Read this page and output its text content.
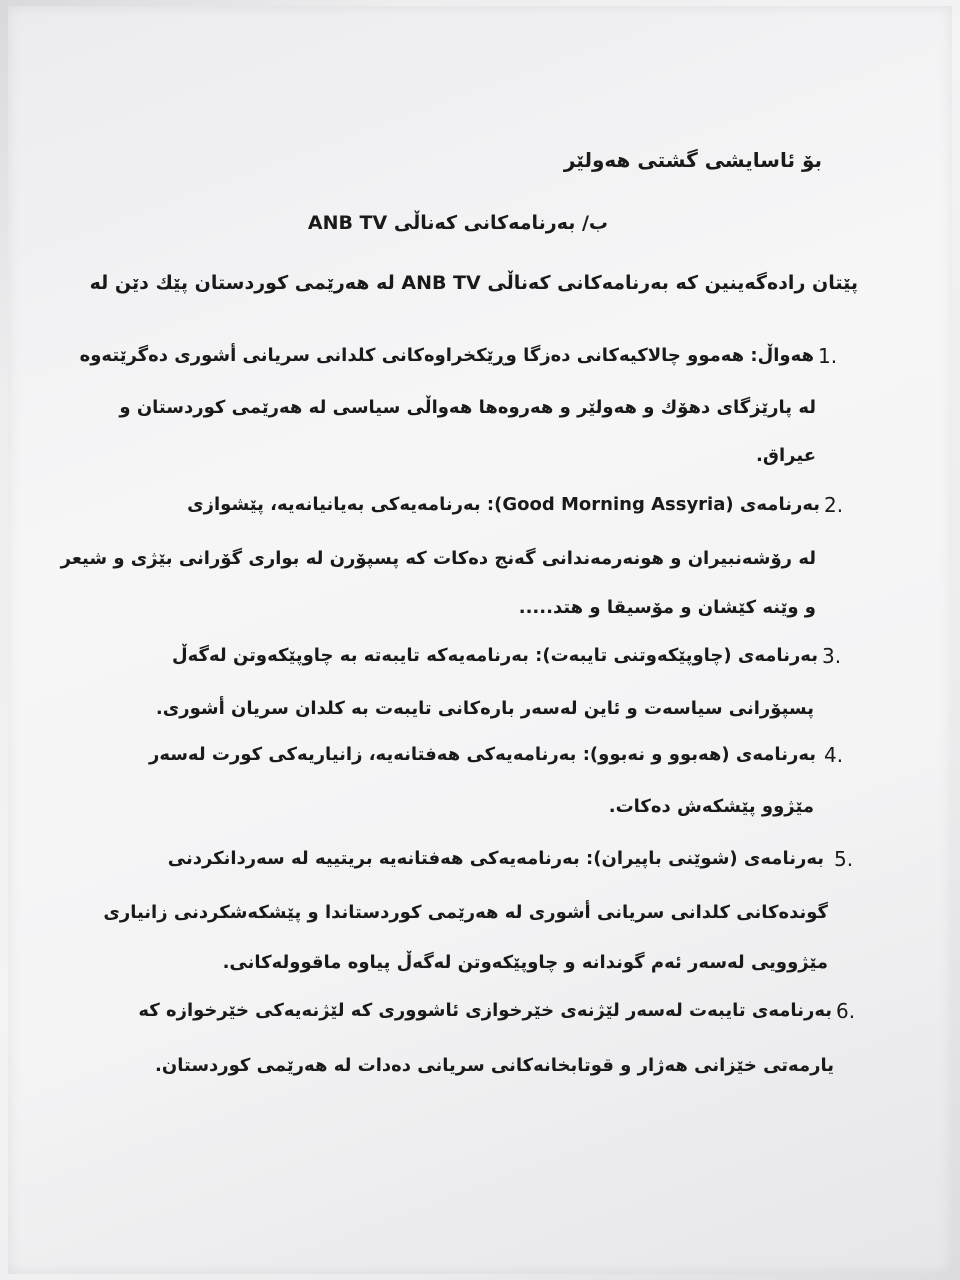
بۆ ئاسایشی گشتی هەولێر
ب/ بەرنامەکانی کەناڵی ANB TV
پێتان رادەگەینین کە بەرنامەکانی کەناڵی ANB TV لە هەرێمی کوردستان پێك دێن لە
1.
هەواڵ: هەموو چالاکیەکانی دەزگا وڕێکخراوەکانی کلدانی سریانی أشوری دەگرێتەوە
لە پارێزگای دهۆك و هەولێر و هەروەها هەواڵی سیاسی لە هەرێمی کوردستان و
عیراق.
2.
بەرنامەی (Good Morning Assyria): بەرنامەیەکی بەیانیانەیە، پێشوازی
لە رۆشەنبیران و هونەرمەندانی گەنج دەکات کە پسپۆرن لە بواری گۆرانی بێژی و شیعر
و وێنە کێشان و مۆسیقا و هتد.....
3.
بەرنامەی (چاوپێکەوتنی تایبەت): بەرنامەیەکە تایبەتە بە چاوپێکەوتن لەگەڵ
پسپۆرانی سیاسەت و ئاین لەسەر بارەکانی تایبەت بە کلدان سریان أشوری.
4.
بەرنامەی (هەبوو و نەبوو): بەرنامەیەکی هەفتانەیە، زانیاریەکی کورت لەسەر
مێژوو پێشکەش دەکات.
5.
بەرنامەی (شوێنی باپیران): بەرنامەیەکی هەفتانەیە بریتییە لە سەردانکردنی
گوندەکانی کلدانی سریانی أشوری لە هەرێمی کوردستاندا و پێشکەشکردنی زانیاری
مێژوویی لەسەر ئەم گوندانە و چاوپێکەوتن لەگەڵ پیاوە ماقوولەکانی.
6.
بەرنامەی تایبەت لەسەر لێژنەی خێرخوازی ئاشووری کە لێژنەیەکی خێرخوازە کە
یارمەتی خێزانی هەژار و قوتابخانەکانی سریانی دەدات لە هەرێمی کوردستان.
